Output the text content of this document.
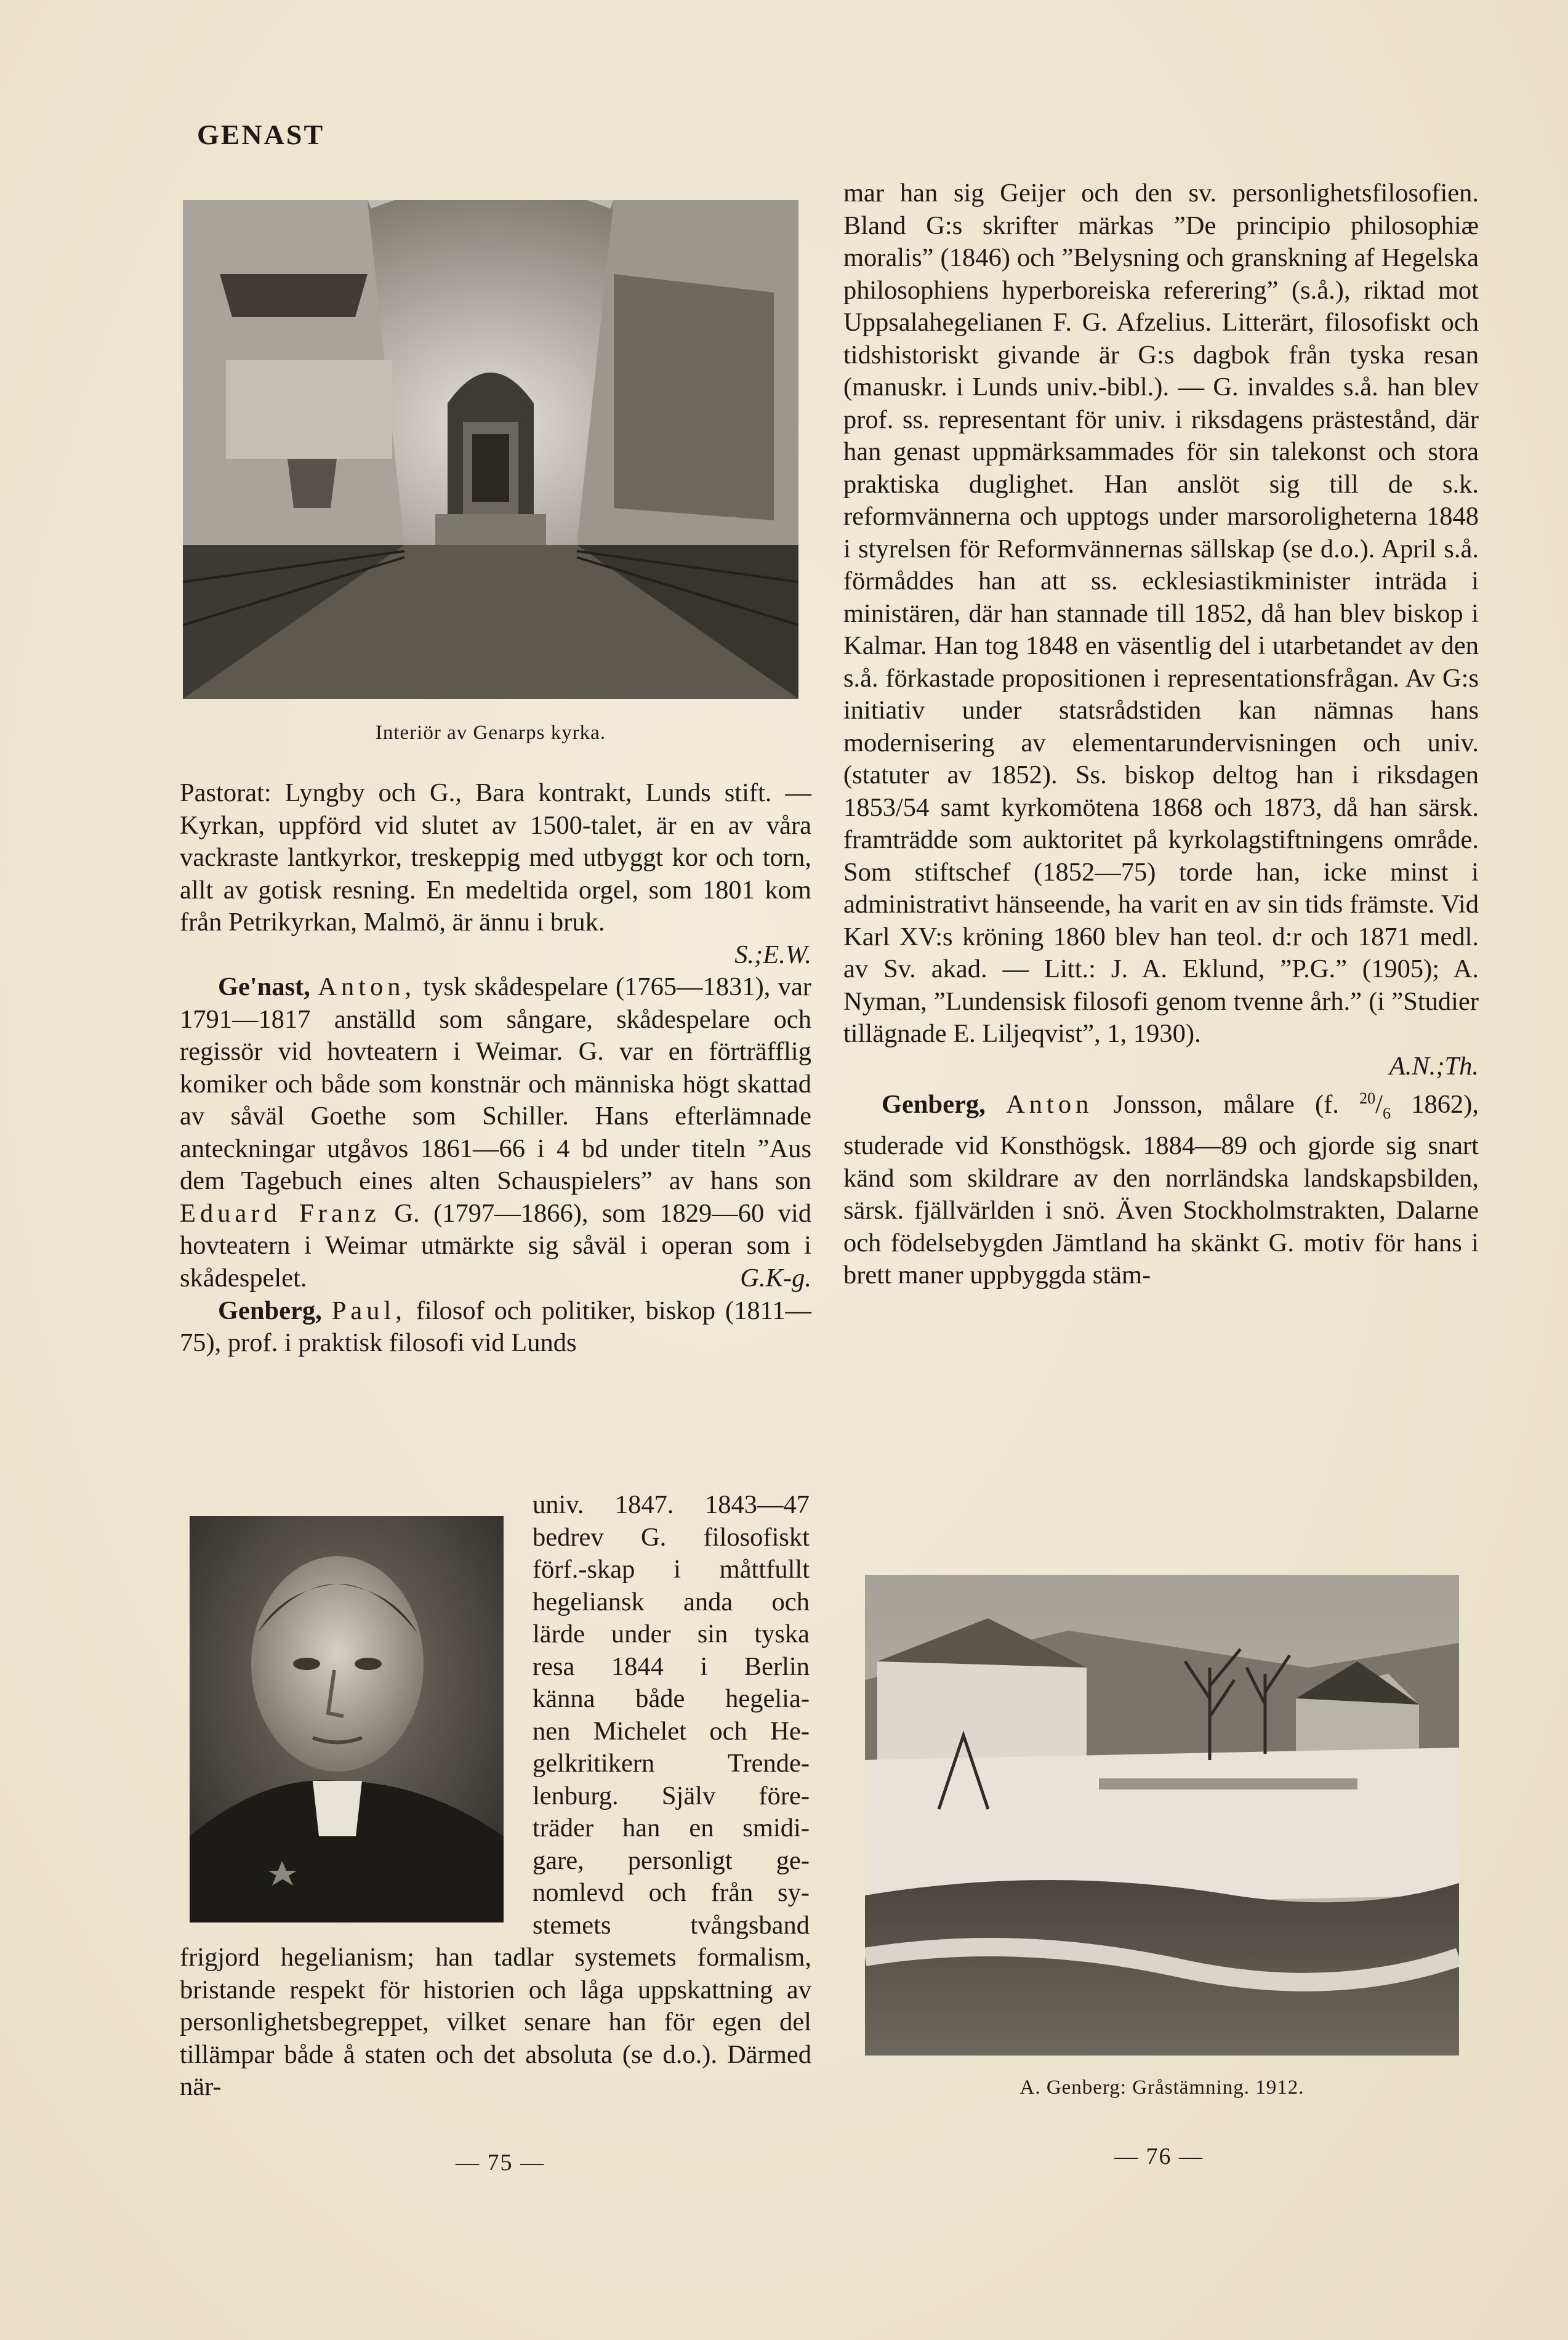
GENAST
Interiör av Genarps kyrka.

Pastorat: Lyngby och G., Bara kontrakt, Lunds stift. — Kyrkan, uppförd vid slutet av 1500-talet, är en av våra vackraste lantkyrkor, treskeppig med utbyggt kor och torn, allt av gotisk resning. En medeltida orgel, som 1801 kom från Petrikyrkan, Malmö, är ännu i bruk.

S.;E.W.

Ge'nast, Anton, tysk skådespelare (1765—1831), var 1791—1817 anställd som sångare, skådespelare och regissör vid hovteatern i Weimar. G. var en förträfflig komiker och både som konstnär och människa högt skattad av såväl Goethe som Schiller. Hans efterlämnade anteckningar utgåvos 1861—66 i 4 bd under titeln ”Aus dem Tagebuch eines alten Schauspielers” av hans son Eduard Franz G. (1797—1866), som 1829—60 vid hovteatern i Weimar utmärkte sig såväl i operan som i skådespelet.	G.K-g.

Genberg, Paul, filosof och politiker, biskop (1811—75), prof. i praktisk filosofi vid Lunds

univ. 1847. 1843—47

bedrev G. filosofiskt

förf.-skap i måttfullt

hegeliansk anda och

lärde under sin tyska

resa 1844 i Berlin

känna både hegelia-

nen Michelet och He-

gelkritikern Trende-

lenburg. Själv före-

träder han en smidi-

gare, personligt ge-

nomlevd och från sy-

stemets tvångsband

frigjord hegelianism; han tadlar systemets formalism, bristande respekt för historien och låga uppskattning av personlighetsbegreppet, vilket senare han för egen del tillämpar både å staten och det absoluta (se d.o.). Därmed när-

mar han sig Geijer och den sv. personlighetsfilosofien. Bland G:s skrifter märkas ”De principio philosophiæ moralis” (1846) och ”Belysning och granskning af Hegelska philosophiens hyperboreiska referering” (s.å.), riktad mot Uppsalahegelianen F. G. Afzelius. Litterärt, filosofiskt och tidshistoriskt givande är G:s dagbok från tyska resan (manuskr. i Lunds univ.-bibl.). — G. invaldes s.å. han blev prof. ss. representant för univ. i riksdagens prästestånd, där han genast uppmärksammades för sin talekonst och stora praktiska duglighet. Han anslöt sig till de s.k. reformvännerna och upptogs under marsoroligheterna 1848 i styrelsen för Reformvännernas sällskap (se d.o.). April s.å. förmåddes han att ss. ecklesiastikminister inträda i ministären, där han stannade till 1852, då han blev biskop i Kalmar. Han tog 1848 en väsentlig del i utarbetandet av den s.å. förkastade propositionen i representationsfrågan. Av G:s initiativ under statsrådstiden kan nämnas hans modernisering av elementarundervisningen och univ. (statuter av 1852). Ss. biskop deltog han i riksdagen 1853/54 samt kyrkomötena 1868 och 1873, då han särsk. framträdde som auktoritet på kyrkolagstiftningens område. Som stiftschef (1852—75) torde han, icke minst i administrativt hänseende, ha varit en av sin tids främste. Vid Karl XV:s kröning 1860 blev han teol. d:r och 1871 medl. av Sv. akad. — Litt.: J. A. Eklund, ”P.G.” (1905); A. Nyman, ”Lundensisk filosofi genom tvenne årh.” (i ”Studier tillägnade E. Liljeqvist”, 1, 1930).

A.N.;Th.

Genberg, Anton Jonsson, målare (f. $^{20}/_6$ 1862), studerade vid Konsthögsk. 1884—89 och gjorde sig snart känd som skildrare av den norrländska landskapsbilden, särsk. fjällvärlden i snö. Även Stockholmstrakten, Dalarne och födelsebygden Jämtland ha skänkt G. motiv för hans i brett maner uppbyggda stäm-

A. Genberg: Gråstämning. 1912.
— 75 —	— 76 —
